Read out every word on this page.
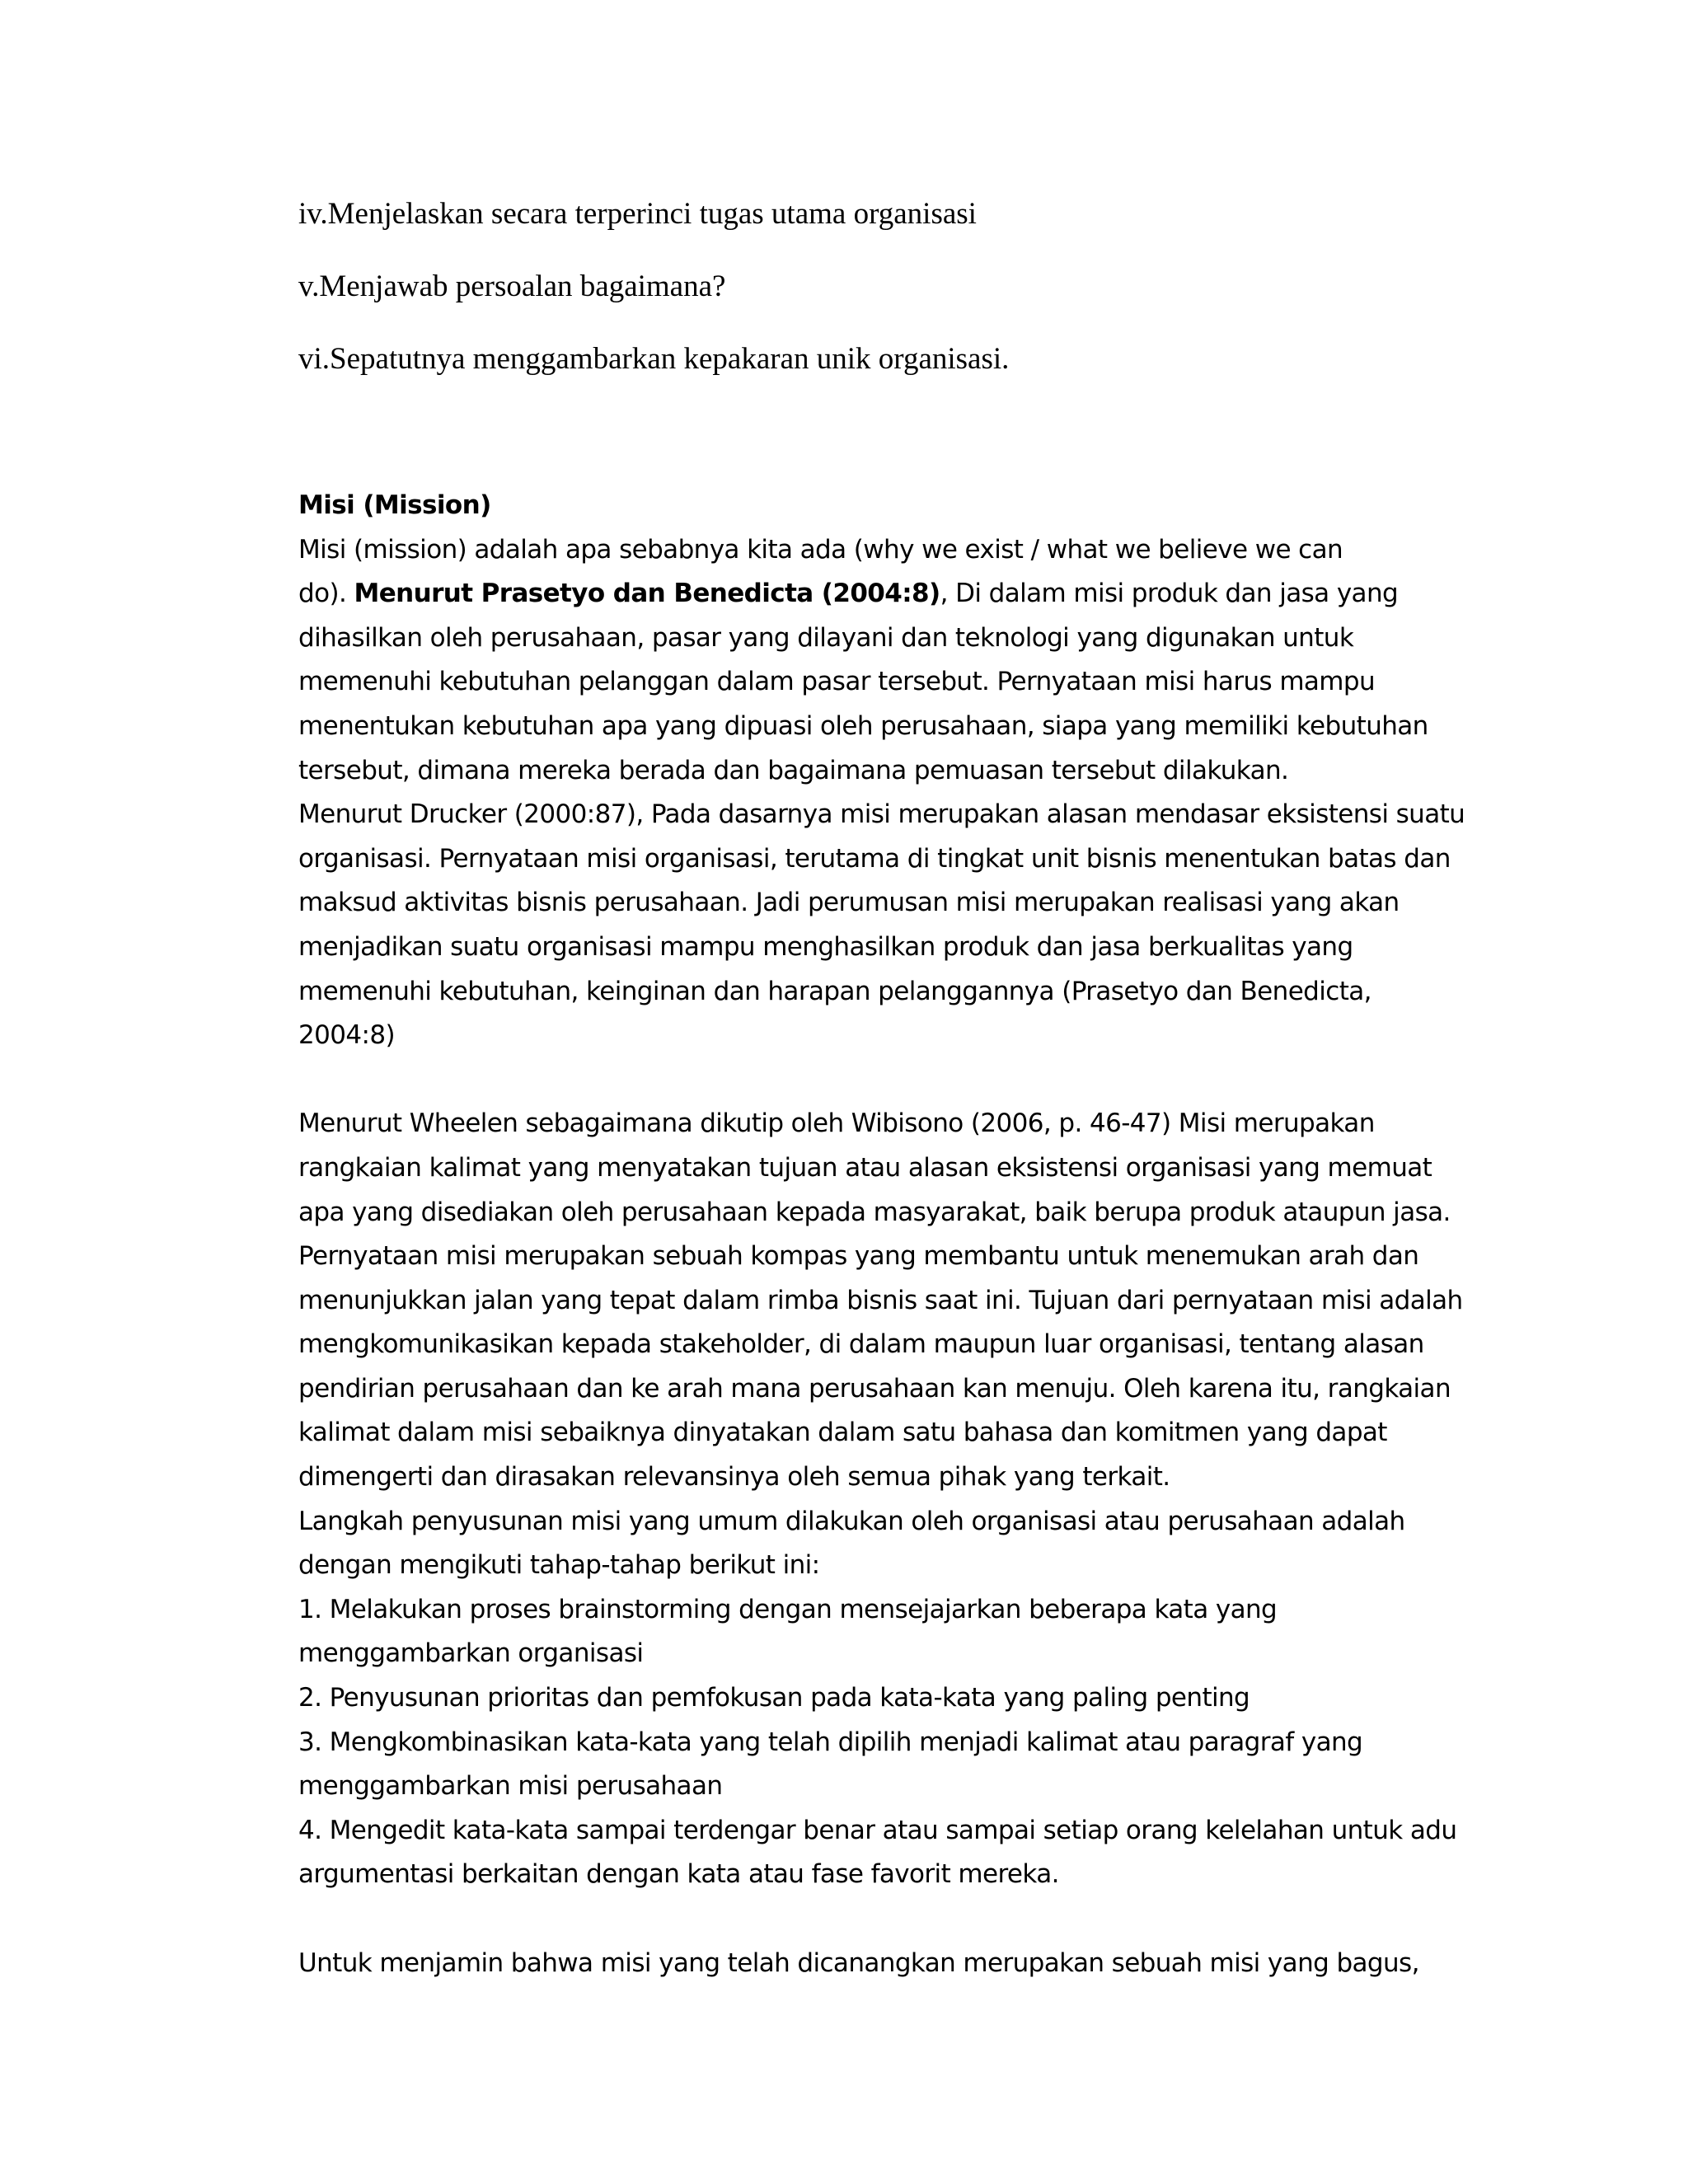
iv.Menjelaskan secara terperinci tugas utama organisasi
v.Menjawab persoalan bagaimana?
vi.Sepatutnya menggambarkan kepakaran unik organisasi.
Misi (Mission)
Misi (mission) adalah apa sebabnya kita ada (why we exist / what we believe we can
do). Menurut Prasetyo dan Benedicta (2004:8), Di dalam misi produk dan jasa yang
dihasilkan oleh perusahaan, pasar yang dilayani dan teknologi yang digunakan untuk
memenuhi kebutuhan pelanggan dalam pasar tersebut. Pernyataan misi harus mampu
menentukan kebutuhan apa yang dipuasi oleh perusahaan, siapa yang memiliki kebutuhan
tersebut, dimana mereka berada dan bagaimana pemuasan tersebut dilakukan.
Menurut Drucker (2000:87), Pada dasarnya misi merupakan alasan mendasar eksistensi suatu
organisasi. Pernyataan misi organisasi, terutama di tingkat unit bisnis menentukan batas dan
maksud aktivitas bisnis perusahaan. Jadi perumusan misi merupakan realisasi yang akan
menjadikan suatu organisasi mampu menghasilkan produk dan jasa berkualitas yang
memenuhi kebutuhan, keinginan dan harapan pelanggannya (Prasetyo dan Benedicta,
2004:8)
Menurut Wheelen sebagaimana dikutip oleh Wibisono (2006, p. 46-47) Misi merupakan
rangkaian kalimat yang menyatakan tujuan atau alasan eksistensi organisasi yang memuat
apa yang disediakan oleh perusahaan kepada masyarakat, baik berupa produk ataupun jasa.
Pernyataan misi merupakan sebuah kompas yang membantu untuk menemukan arah dan
menunjukkan jalan yang tepat dalam rimba bisnis saat ini. Tujuan dari pernyataan misi adalah
mengkomunikasikan kepada stakeholder, di dalam maupun luar organisasi, tentang alasan
pendirian perusahaan dan ke arah mana perusahaan kan menuju. Oleh karena itu, rangkaian
kalimat dalam misi sebaiknya dinyatakan dalam satu bahasa dan komitmen yang dapat
dimengerti dan dirasakan relevansinya oleh semua pihak yang terkait.
Langkah penyusunan misi yang umum dilakukan oleh organisasi atau perusahaan adalah
dengan mengikuti tahap-tahap berikut ini:
1. Melakukan proses brainstorming dengan mensejajarkan beberapa kata yang
menggambarkan organisasi
2. Penyusunan prioritas dan pemfokusan pada kata-kata yang paling penting
3. Mengkombinasikan kata-kata yang telah dipilih menjadi kalimat atau paragraf yang
menggambarkan misi perusahaan
4. Mengedit kata-kata sampai terdengar benar atau sampai setiap orang kelelahan untuk adu
argumentasi berkaitan dengan kata atau fase favorit mereka.
Untuk menjamin bahwa misi yang telah dicanangkan merupakan sebuah misi yang bagus,
